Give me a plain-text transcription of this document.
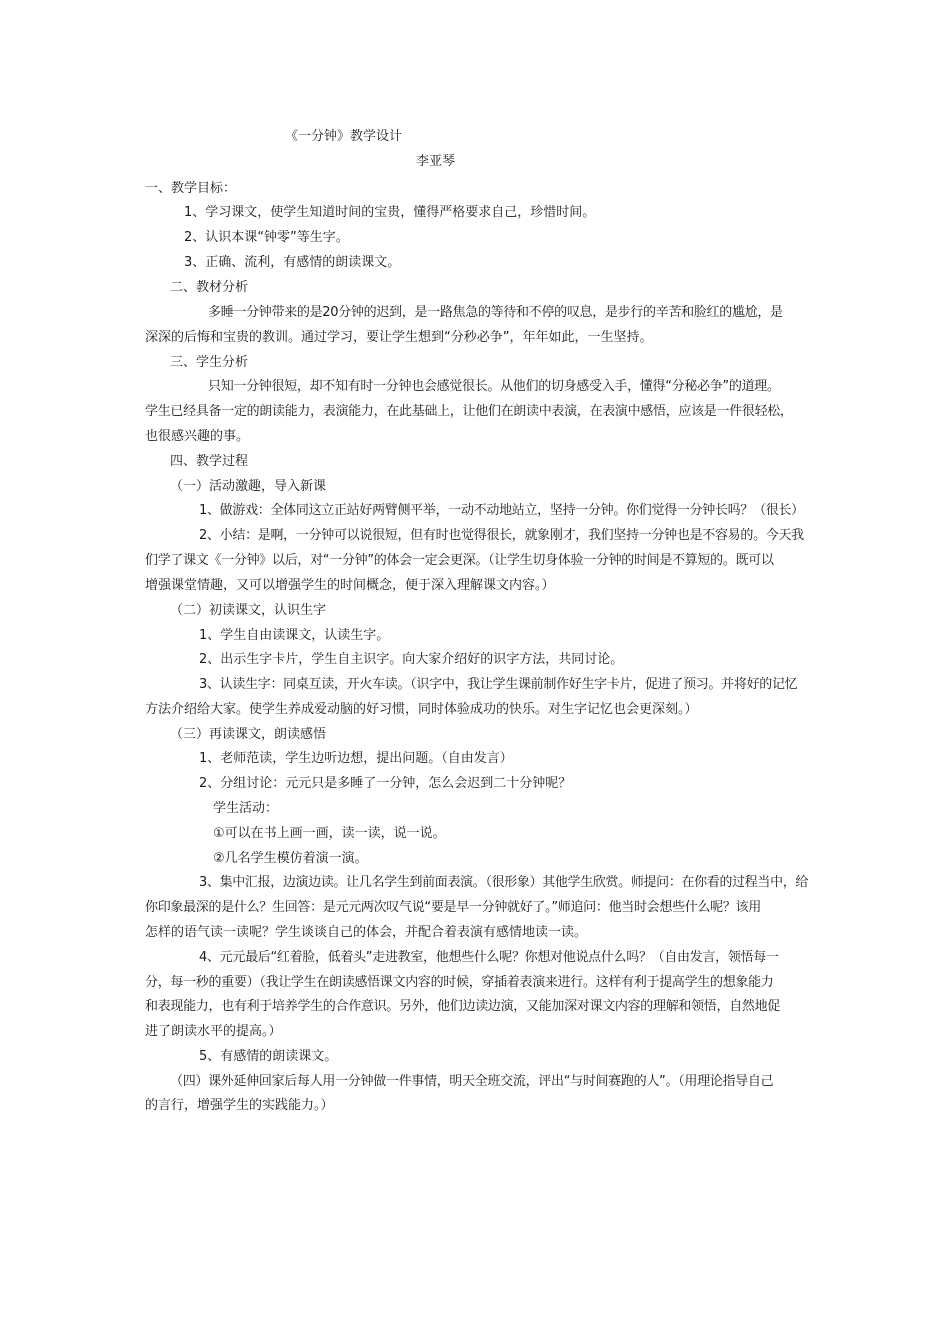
《一分钟》教学设计
李亚琴
一、教学目标：
1、学习课文，使学生知道时间的宝贵，懂得严格要求自己，珍惜时间。
2、认识本课“钟零”等生字。
3、正确、流利，有感情的朗读课文。
二、教材分析
多睡一分钟带来的是20分钟的迟到，是一路焦急的等待和不停的叹息，是步行的辛苦和脸红的尴尬，是
深深的后悔和宝贵的教训。通过学习，要让学生想到“分秒必争”，年年如此，一生坚持。
三、学生分析
只知一分钟很短，却不知有时一分钟也会感觉很长。从他们的切身感受入手，懂得“分秘必争”的道理。
学生已经具备一定的朗读能力，表演能力，在此基础上，让他们在朗读中表演，在表演中感悟，应该是一件很轻松，
也很感兴趣的事。
四、教学过程
（一）活动激趣，导入新课
1、做游戏：全体同这立正站好两臂侧平举，一动不动地站立，坚持一分钟。你们觉得一分钟长吗？（很长）
2、小结：是啊，一分钟可以说很短，但有时也觉得很长，就象刚才，我们坚持一分钟也是不容易的。今天我
们学了课文《一分钟》以后，对“一分钟”的体会一定会更深。（让学生切身体验一分钟的时间是不算短的。既可以
增强课堂情趣，又可以增强学生的时间概念，便于深入理解课文内容。）
（二）初读课文，认识生字
1、学生自由读课文，认读生字。
2、出示生字卡片，学生自主识字。向大家介绍好的识字方法，共同讨论。
3、认读生字：同桌互读，开火车读。（识字中，我让学生课前制作好生字卡片，促进了预习。并将好的记忆
方法介绍给大家。使学生养成爱动脑的好习惯，同时体验成功的快乐。对生字记忆也会更深刻。）
（三）再读课文，朗读感悟
1、老师范读，学生边听边想，提出问题。（自由发言）
2、分组讨论：元元只是多睡了一分钟，怎么会迟到二十分钟呢？
学生活动：
①可以在书上画一画，读一读，说一说。
②几名学生模仿着演一演。
3、集中汇报，边演边读。让几名学生到前面表演。（很形象）其他学生欣赏。师提问：在你看的过程当中，给
你印象最深的是什么？生回答：是元元两次叹气说“要是早一分钟就好了。”师追问：他当时会想些什么呢？该用
怎样的语气读一读呢？学生谈谈自己的体会，并配合着表演有感情地读一读。
4、元元最后“红着脸，低着头”走进教室，他想些什么呢？你想对他说点什么吗？（自由发言，领悟每一
分，每一秒的重要）（我让学生在朗读感悟课文内容的时候，穿插着表演来进行。这样有利于提高学生的想象能力
和表现能力，也有利于培养学生的合作意识。另外，他们边读边演，又能加深对课文内容的理解和领悟，自然地促
进了朗读水平的提高。）
5、有感情的朗读课文。
（四）课外延伸回家后每人用一分钟做一件事情，明天全班交流，评出“与时间赛跑的人”。（用理论指导自己
的言行，增强学生的实践能力。）
